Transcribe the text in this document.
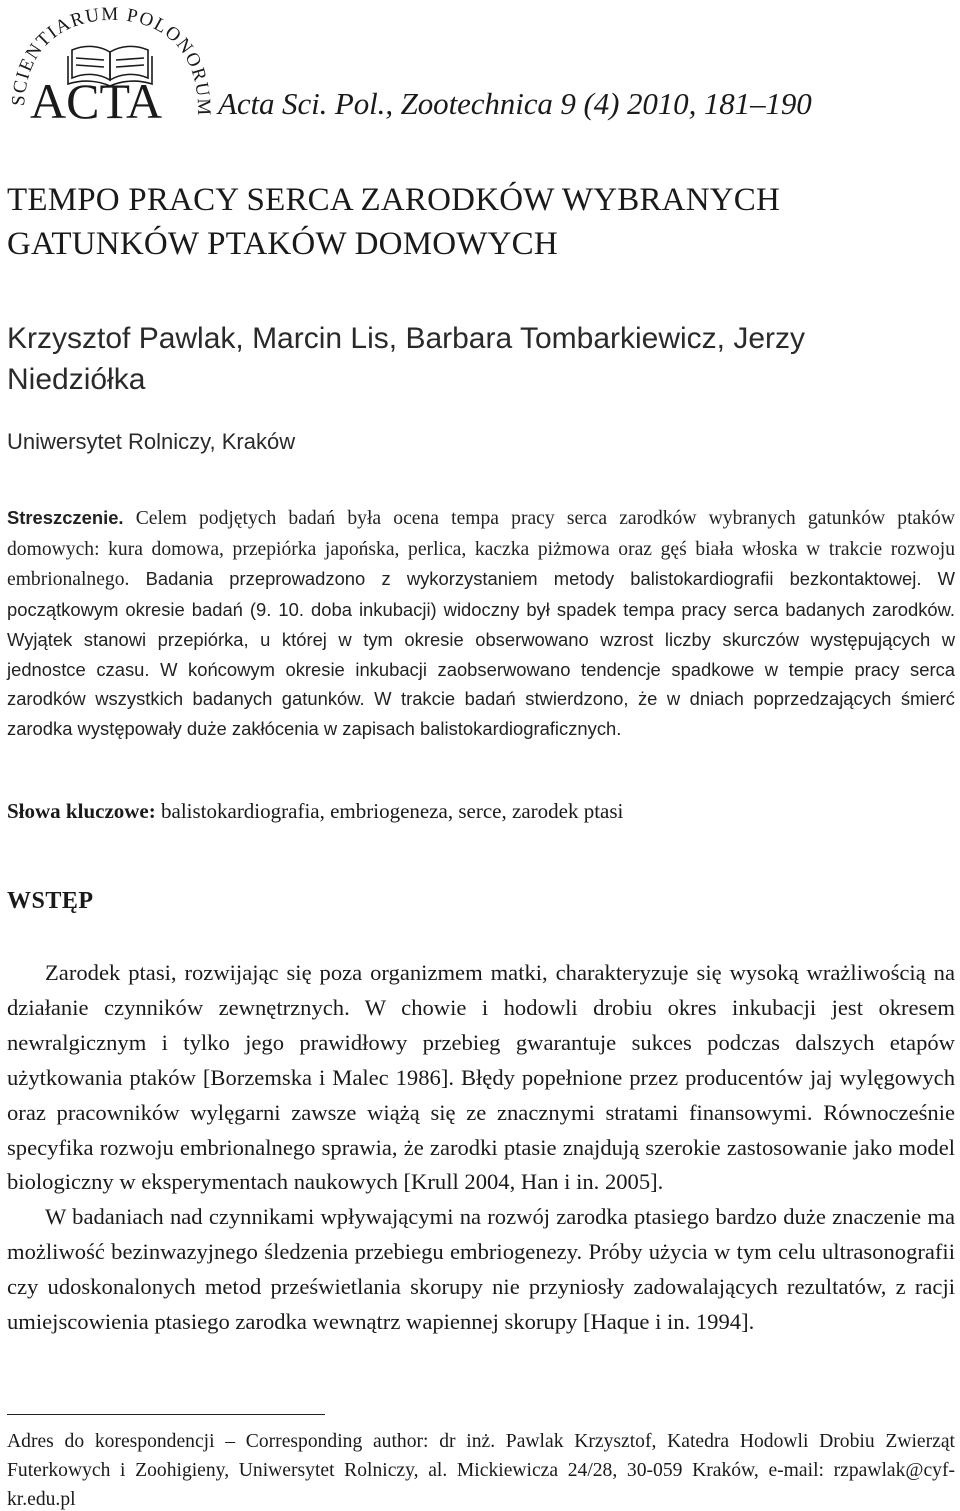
SCIENTIARUM POLONORUM
ACTA Acta Sci. Pol., Zootechnica 9 (4) 2010, 181–190
TEMPO PRACY SERCA ZARODKÓW WYBRANYCH GATUNKÓW PTAKÓW DOMOWYCH
Krzysztof Pawlak, Marcin Lis, Barbara Tombarkiewicz, Jerzy Niedziółka
Uniwersytet Rolniczy, Kraków
Streszczenie. Celem podjętych badań była ocena tempa pracy serca zarodków wybranych gatunków ptaków domowych: kura domowa, przepiórka japońska, perlica, kaczka piżmowa oraz gęś biała włoska w trakcie rozwoju embrionalnego. Badania przeprowadzono z wykorzystaniem metody balistokardiografii bezkontaktowej. W początkowym okresie badań (9. 10. doba inkubacji) widoczny był spadek tempa pracy serca badanych zarodków. Wyjątek stanowi przepiórka, u której w tym okresie obserwowano wzrost liczby skurczów występujących w jednostce czasu. W końcowym okresie inkubacji zaobserwowano tendencje spadkowe w tempie pracy serca zarodków wszystkich badanych gatunków. W trakcie badań stwierdzono, że w dniach poprzedzających śmierć zarodka występowały duże zakłócenia w zapisach balistokardiograficznych.
Słowa kluczowe: balistokardiografia, embriogeneza, serce, zarodek ptasi
WSTĘP

Zarodek ptasi, rozwijając się poza organizmem matki, charakteryzuje się wysoką wrażliwością na działanie czynników zewnętrznych. W chowie i hodowli drobiu okres inkubacji jest okresem newralgicznym i tylko jego prawidłowy przebieg gwarantuje sukces podczas dalszych etapów użytkowania ptaków [Borzemska i Malec 1986]. Błędy popełnione przez producentów jaj wylęgowych oraz pracowników wylęgarni zawsze wiążą się ze znacznymi stratami finansowymi. Równocześnie specyfika rozwoju embrionalnego sprawia, że zarodki ptasie znajdują szerokie zastosowanie jako model biologiczny w eksperymentach naukowych [Krull 2004, Han i in. 2005].

W badaniach nad czynnikami wpływającymi na rozwój zarodka ptasiego bardzo duże znaczenie ma możliwość bezinwazyjnego śledzenia przebiegu embriogenezy. Próby użycia w tym celu ultrasonografii czy udoskonalonych metod prześwietlania skorupy nie przyniosły zadowalających rezultatów, z racji umiejscowienia ptasiego zarodka wewnątrz wapiennej skorupy [Haque i in. 1994].

Adres do korespondencji – Corresponding author: dr inż. Pawlak Krzysztof, Katedra Hodowli Drobiu Zwierząt Futerkowych i Zoohigieny, Uniwersytet Rolniczy, al. Mickiewicza 24/28, 30-059 Kraków, e-mail: rzpawlak@cyf-kr.edu.pl
